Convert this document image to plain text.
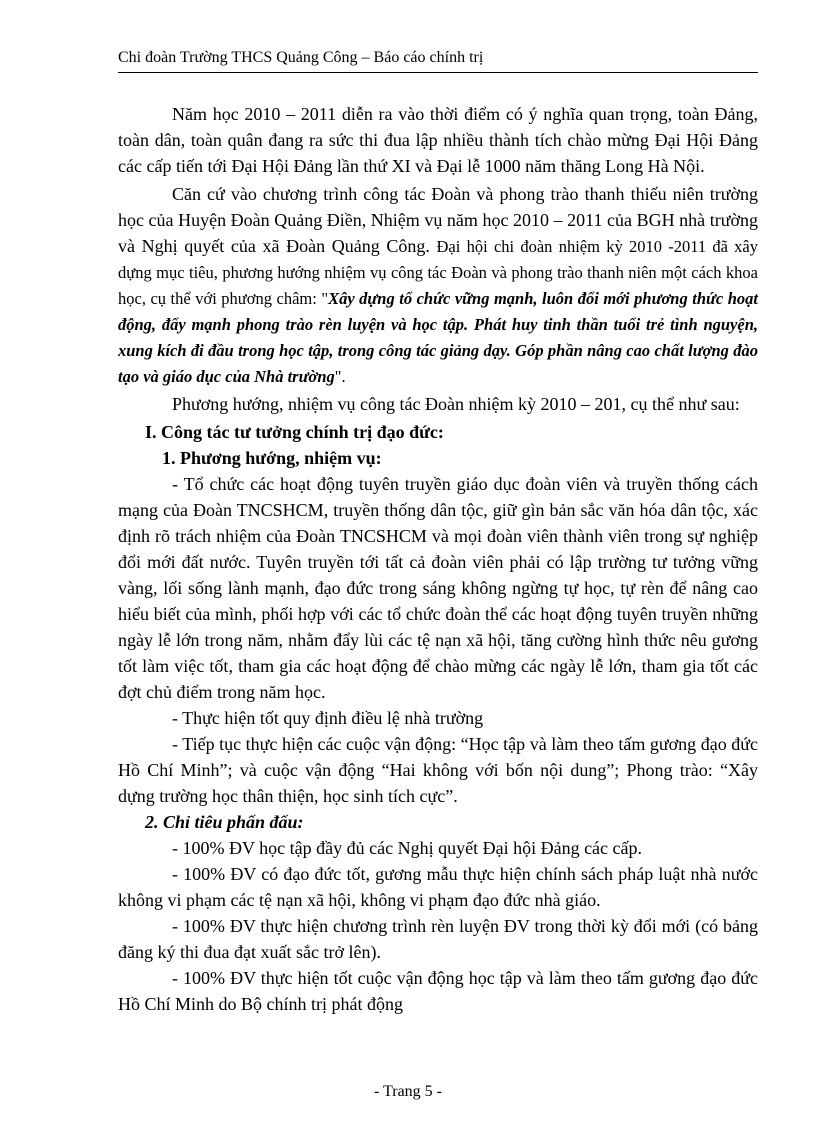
Chi đoàn Trường THCS Quảng Công – Báo cáo chính trị

Năm học 2010 – 2011 diễn ra vào thời điểm có ý nghĩa quan trọng, toàn Đảng, toàn dân, toàn quân đang ra sức thi đua lập nhiều thành tích chào mừng Đại Hội Đảng các cấp tiến tới Đại Hội Đảng lần thứ XI và Đại lễ 1000 năm thăng Long Hà Nội.

Căn cứ vào chương trình công tác Đoàn và phong trào thanh thiếu niên trường học của Huyện Đoàn Quảng Điền, Nhiệm vụ năm học 2010 – 2011 của BGH nhà trường và Nghị quyết của xã Đoàn Quảng Công. Đại hội chi đoàn nhiệm kỳ 2010 -2011 đã xây dựng mục tiêu, phương hướng nhiệm vụ công tác Đoàn và phong trào thanh niên một cách khoa học, cụ thể với phương châm: "Xây dựng tổ chức vững mạnh, luôn đổi mới phương thức hoạt động, đẩy mạnh phong trào rèn luyện và học tập. Phát huy tinh thần tuổi trẻ tình nguyện, xung kích đi đầu trong học tập, trong công tác giảng dạy. Góp phần nâng cao chất lượng đào tạo và giáo dục của Nhà trường".

Phương hướng, nhiệm vụ công tác Đoàn nhiệm kỳ 2010 – 201, cụ thể như sau:

I. Công tác tư tưởng chính trị đạo đức:

1. Phương hướng, nhiệm vụ:

- Tổ chức các hoạt động tuyên truyền giáo dục đoàn viên và truyền thống cách mạng của Đoàn TNCSHCM, truyền thống dân tộc, giữ gìn bản sắc văn hóa dân tộc, xác định rõ trách nhiệm của Đoàn TNCSHCM và mọi đoàn viên thành viên trong sự nghiệp đổi mới đất nước. Tuyên truyền tới tất cả đoàn viên phải có lập trường tư tưởng vững vàng, lối sống lành mạnh, đạo đức trong sáng không ngừng tự học, tự rèn để nâng cao hiểu biết của mình, phối hợp với các tổ chức đoàn thể các hoạt động tuyên truyền những ngày lễ lớn trong năm, nhằm đẩy lùi các tệ nạn xã hội, tăng cường hình thức nêu gương tốt làm việc tốt, tham gia các hoạt động để chào mừng các ngày lễ lớn, tham gia tốt các đợt chủ điểm trong năm học.

- Thực hiện tốt quy định điều lệ nhà trường

- Tiếp tục thực hiện các cuộc vận động: “Học tập và làm theo tấm gương đạo đức Hồ Chí Minh”; và cuộc vận động “Hai không với bốn nội dung”; Phong trào: “Xây dựng trường học thân thiện, học sinh tích cực”.

2. Chỉ tiêu phấn đấu:

- 100% ĐV học tập đầy đủ các Nghị quyết Đại hội Đảng các cấp.

- 100% ĐV có đạo đức tốt, gương mẫu thực hiện chính sách pháp luật nhà nước không vi phạm các tệ nạn xã hội, không vi phạm đạo đức nhà giáo.

- 100% ĐV thực hiện chương trình rèn luyện ĐV trong thời kỳ đổi mới (có bảng đăng ký thi đua đạt xuất sắc trở lên).

- 100% ĐV thực hiện tốt cuộc vận động học tập và làm theo tấm gương đạo đức Hồ Chí Minh do Bộ chính trị phát động

- Trang 5 -
